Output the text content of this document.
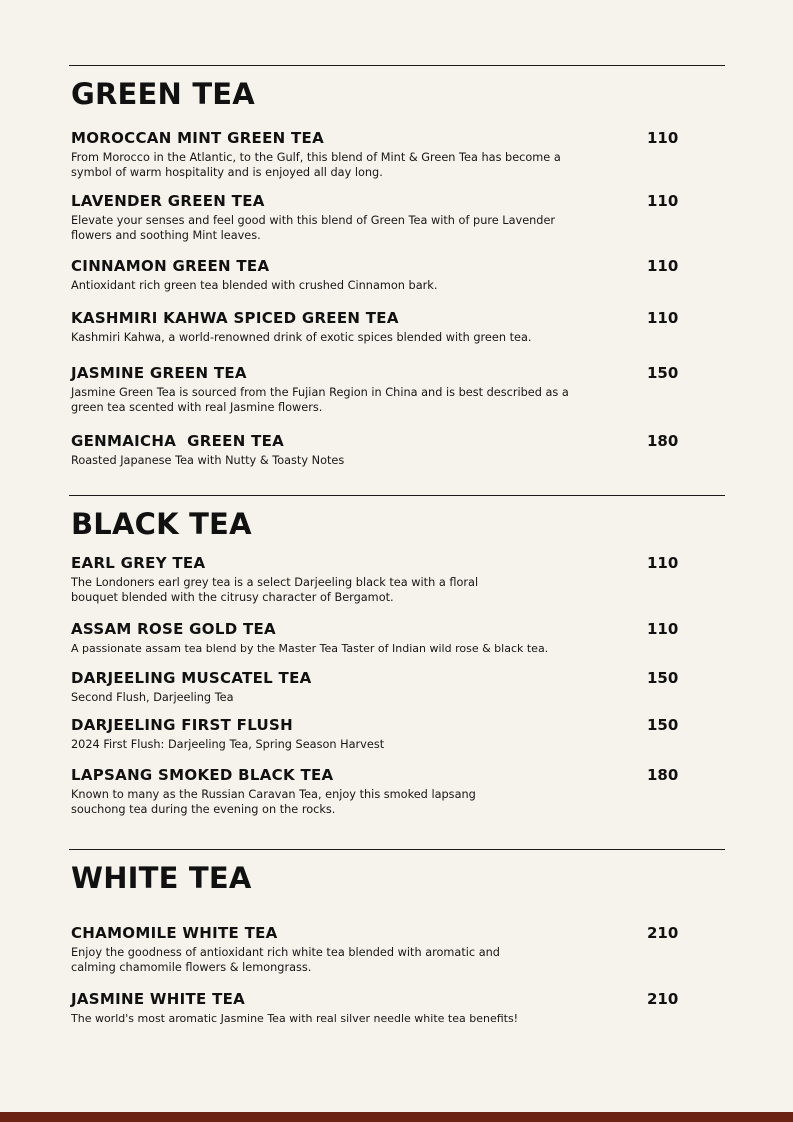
GREEN TEA
MOROCCAN MINT GREEN TEA	110
From Morocco in the Atlantic, to the Gulf, this blend of Mint & Green Tea has become a symbol of warm hospitality and is enjoyed all day long.
LAVENDER GREEN TEA	110
Elevate your senses and feel good with this blend of Green Tea with of pure Lavender flowers and soothing Mint leaves.
CINNAMON GREEN TEA	110
Antioxidant rich green tea blended with crushed Cinnamon bark.
KASHMIRI KAHWA SPICED GREEN TEA	110
Kashmiri Kahwa, a world-renowned drink of exotic spices blended with green tea.
JASMINE GREEN TEA	150
Jasmine Green Tea is sourced from the Fujian Region in China and is best described as a green tea scented with real Jasmine flowers.
GENMAICHA  GREEN TEA	180
Roasted Japanese Tea with Nutty & Toasty Notes
BLACK TEA
EARL GREY TEA	110
The Londoners earl grey tea is a select Darjeeling black tea with a floral bouquet blended with the citrusy character of Bergamot.
ASSAM ROSE GOLD TEA	110
A passionate assam tea blend by the Master Tea Taster of Indian wild rose & black tea.
DARJEELING MUSCATEL TEA	150
Second Flush, Darjeeling Tea
DARJEELING FIRST FLUSH	150
2024 First Flush: Darjeeling Tea, Spring Season Harvest
LAPSANG SMOKED BLACK TEA	180
Known to many as the Russian Caravan Tea, enjoy this smoked lapsang souchong tea during the evening on the rocks.
WHITE TEA
CHAMOMILE WHITE TEA	210
Enjoy the goodness of antioxidant rich white tea blended with aromatic and calming chamomile flowers & lemongrass.
JASMINE WHITE TEA	210
The world's most aromatic Jasmine Tea with real silver needle white tea benefits!
